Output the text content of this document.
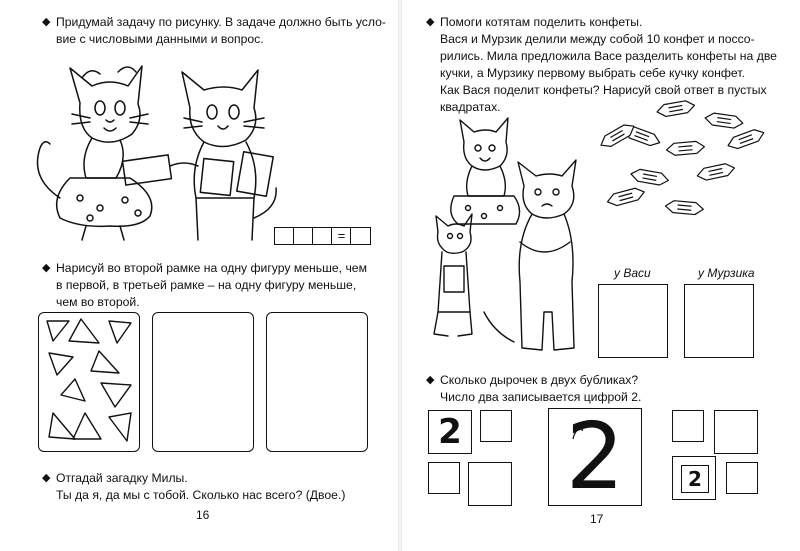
◆ Придумай задачу по рисунку. В задаче должно быть усло-

вие с числовыми данными и вопрос.

=
◆ Нарисуй во второй рамке на одну фигуру меньше, чем

в первой, в третьей рамке – на одну фигуру меньше,

чем во второй.

◆ Отгадай загадку Милы.

Ты да я, да мы с тобой. Сколько нас всего? (Двое.)

16
◆ Помоги котятам поделить конфеты.

Вася и Мурзик делили между собой 10 конфет и поссо-

рились. Мила предложила Васе разделить конфеты на две

кучки, а Мурзику первому выбрать себе кучку конфет.

Как Вася поделит конфеты? Нарисуй свой ответ в пустых

квадратах.

у Васи	у Мурзика
◆ Сколько дырочек в двух бубликах?

Число два записывается цифрой 2.

2 2	2
17
